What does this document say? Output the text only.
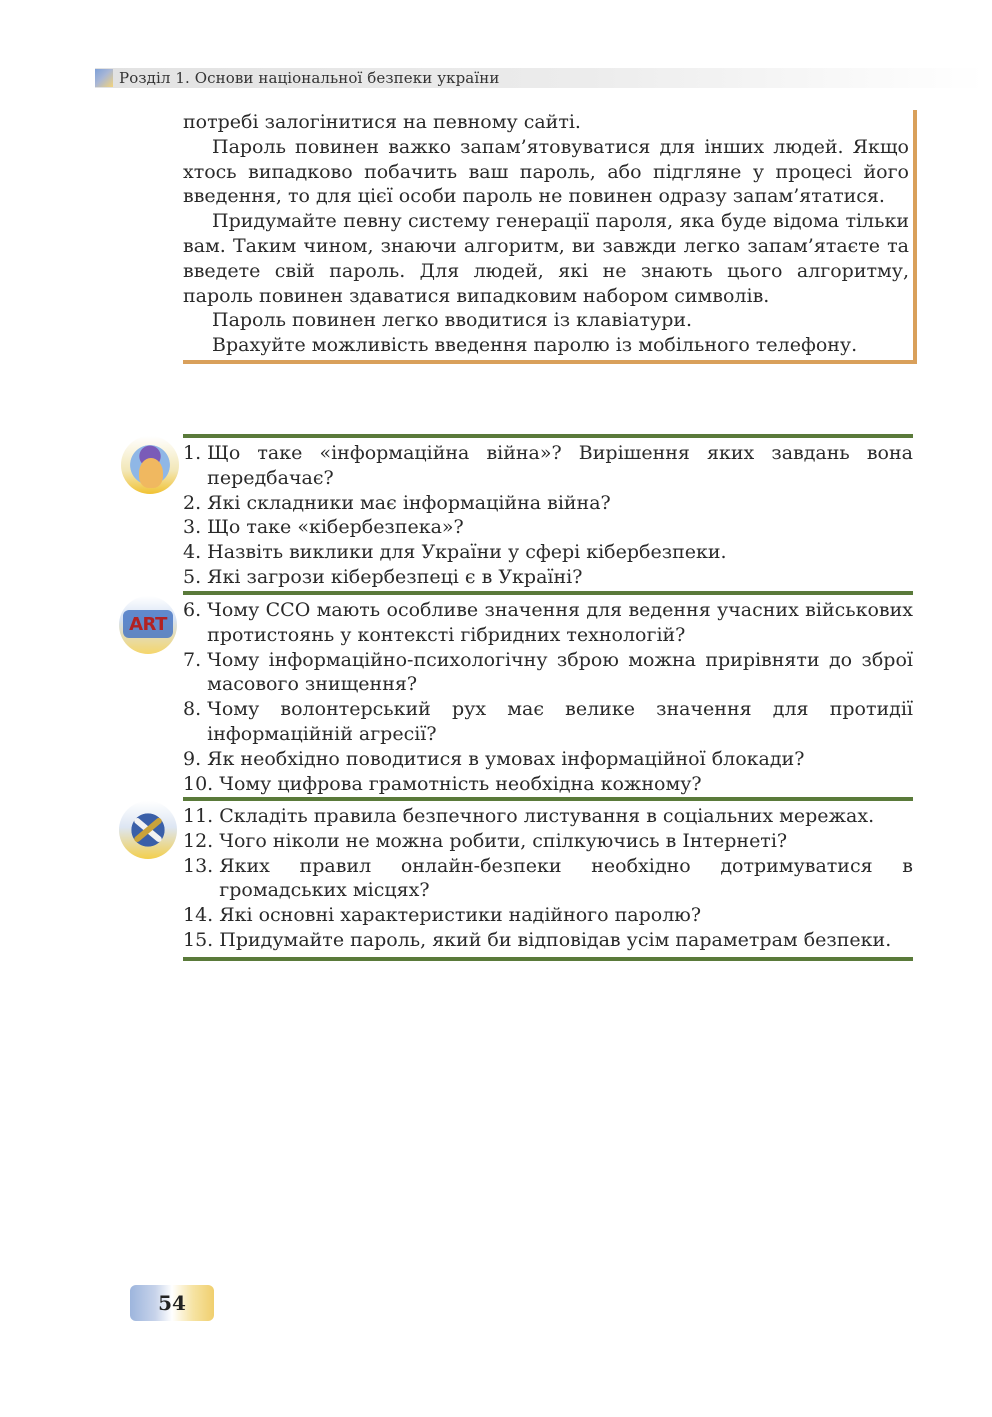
Розділ 1. Основи національної безпеки україни

потребі залогінитися на певному сайті.

Пароль повинен важко запам’ятовуватися для інших людей. Якщо хтось випадково побачить ваш пароль, або підгляне у процесі його введення, то для цієї особи пароль не повинен одразу запам’ятатися.

Придумайте певну систему генерації пароля, яка буде відома тільки вам. Таким чином, знаючи алгоритм, ви завжди легко запам’ятаєте та введете свій пароль. Для людей, які не знають цього алгоритму, пароль повинен здаватися випадковим набором символів.

Пароль повинен легко вводитися із клавіатури.

Врахуйте можливість введення паролю із мобільного телефону.

ART
1. Що таке «інформаційна війна»? Вирішення яких завдань вона передбачає?
2. Які складники має інформаційна війна?
3. Що таке «кібербезпека»?
4. Назвіть виклики для України у сфері кібербезпеки.
5. Які загрози кібербезпеці є в Україні?
6. Чому ССО мають особливе значення для ведення учасних військових протистоянь у контексті гібридних технологій?
7. Чому інформаційно-психологічну зброю можна прирівняти до зброї масового знищення?
8. Чому волонтерський рух має велике значення для протидії інформаційній агресії?
9. Як необхідно поводитися в умовах інформаційної блокади?
10. Чому цифрова грамотність необхідна кожному?
11. Складіть правила безпечного листування в соціальних мережах.
12. Чого ніколи не можна робити, спілкуючись в Інтернеті?
13. Яких правил онлайн-безпеки необхідно дотримуватися в громадських місцях?
14. Які основні характеристики надійного паролю?
15. Придумайте пароль, який би відповідав усім параметрам безпеки.
54
